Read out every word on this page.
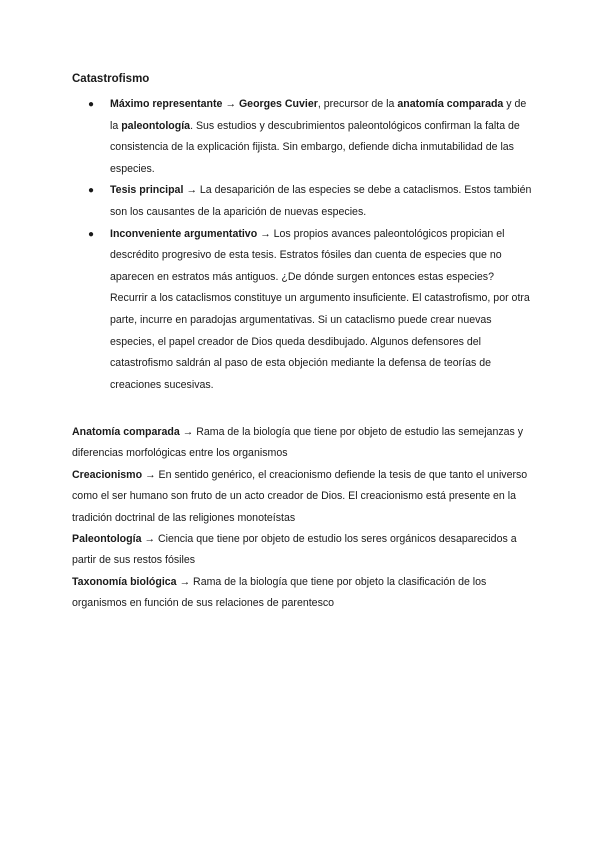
Catastrofismo
● Máximo representante → Georges Cuvier, precursor de la anatomía comparada y de la paleontología. Sus estudios y descubrimientos paleontológicos confirman la falta de consistencia de la explicación fijista. Sin embargo, defiende dicha inmutabilidad de las especies.
● Tesis principal → La desaparición de las especies se debe a cataclismos. Estos también son los causantes de la aparición de nuevas especies.
● Inconveniente argumentativo → Los propios avances paleontológicos propician el descrédito progresivo de esta tesis. Estratos fósiles dan cuenta de especies que no aparecen en estratos más antiguos. ¿De dónde surgen entonces estas especies? Recurrir a los cataclismos constituye un argumento insuficiente. El catastrofismo, por otra parte, incurre en paradojas argumentativas. Si un cataclismo puede crear nuevas especies, el papel creador de Dios queda desdibujado. Algunos defensores del catastrofismo saldrán al paso de esta objeción mediante la defensa de teorías de creaciones sucesivas.

Anatomía comparada → Rama de la biología que tiene por objeto de estudio las semejanzas y diferencias morfológicas entre los organismos

Creacionismo → En sentido genérico, el creacionismo defiende la tesis de que tanto el universo como el ser humano son fruto de un acto creador de Dios. El creacionismo está presente en la tradición doctrinal de las religiones monoteístas

Paleontología → Ciencia que tiene por objeto de estudio los seres orgánicos desaparecidos a partir de sus restos fósiles

Taxonomía biológica → Rama de la biología que tiene por objeto la clasificación de los organismos en función de sus relaciones de parentesco
